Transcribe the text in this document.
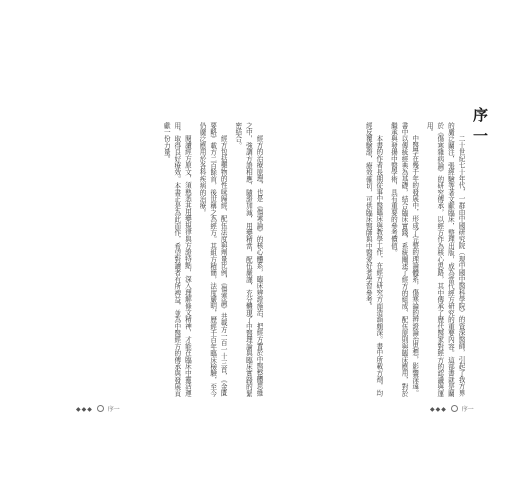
序一

二十世紀七十年代，一群由中國研究院（現中國中醫科學院）的資深醫師，引起了我方界的廣泛關注，張經驗等著文獻臨床，整理出版，成為當代經方研究的重要內容。這部書就是關於《傷寒雜病論》的研究傳承，以經方作為核心思路，其中傳承了歷代醫家對經方的認識與運用。

中醫學在幾千年的發展中，形成了完整的理論體系，傷寒論的辨證論治思想，影響深遠。書中以傳統經典為基礎，結合臨床實踐，系統闡述了經方的組成、配伍原則與臨床應用，對於繼承與發揚中醫學術，具有重要的參考價值。

本書的作者長期從事中醫臨床與教學工作，在經方研究方面造詣頗深。書中所載方劑，均經反覆驗證，療效確切，可供臨床醫師與中醫愛好者學習參考。

經方的治療原理，也是《傷寒論》的核心體系，臨床辨證施治，把經方置於中醫整體思維之中，強調方證相應，隨證加減，用藥精當，配伍嚴謹，充分體現了中醫理論與臨床實踐的緊密結合。

經方包括藥物的性味歸經、配伍法度與劑量比例，《傷寒論》共載方一百一十三首，《金匱要略》載方二百餘首，後世稱之為經方。其組方精簡，法度嚴明，歷經千百年臨床檢驗，至今仍廣泛應用於各科疾病的治療。

閱讀經方原文，須熟悉其用藥規律與方證特點，深入理解條文精神，才能在臨床中靈活運用，取得良好療效。本書正是為此而作，希望對讀者有所裨益，並為中醫經方的傳承與發展貢獻一份力量。

◆◆◆ 序一	◆◆◆ 序一
